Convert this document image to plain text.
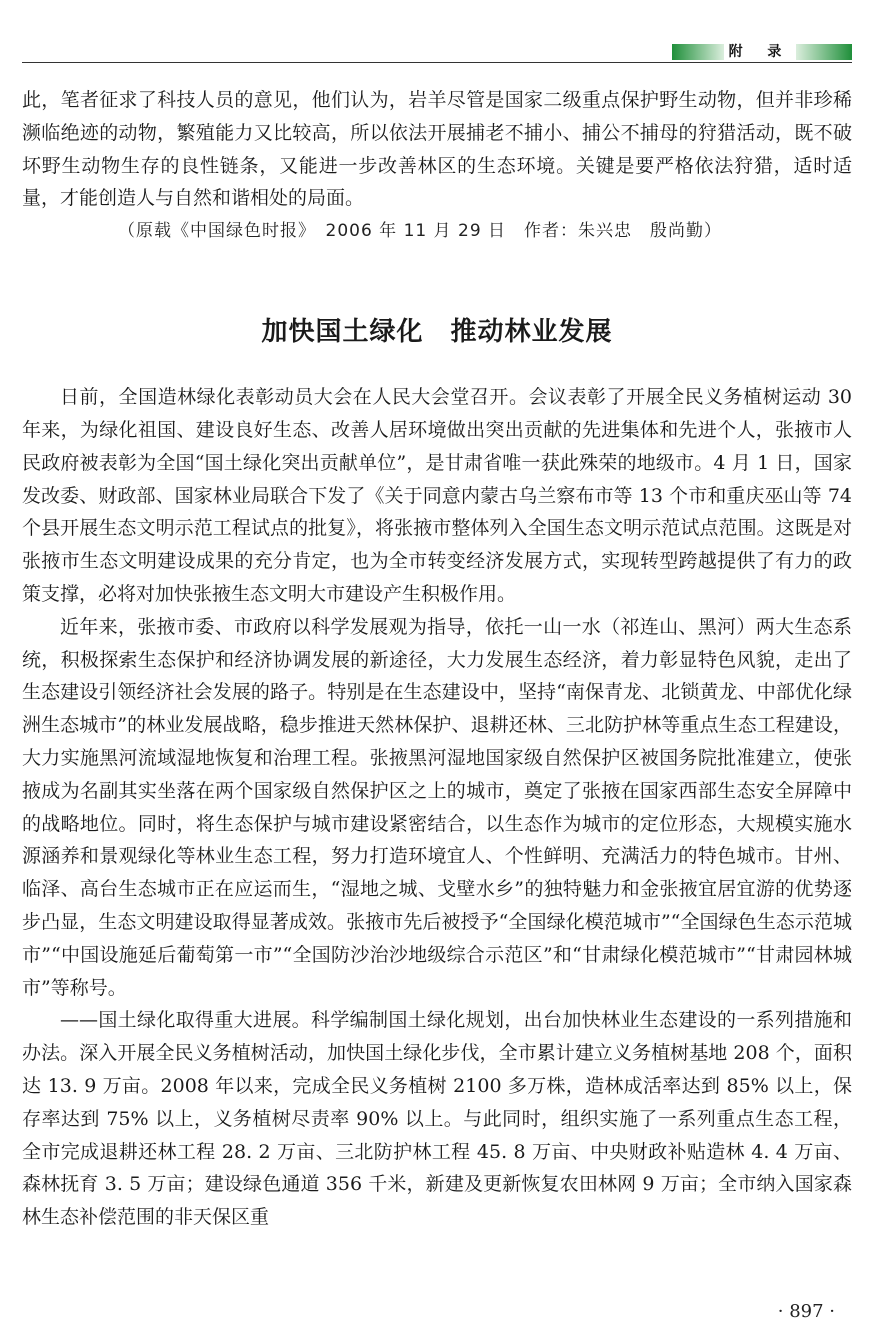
附 录

此，笔者征求了科技人员的意见，他们认为，岩羊尽管是国家二级重点保护野生动物，但并非珍稀濒临绝迹的动物，繁殖能力又比较高，所以依法开展捕老不捕小、捕公不捕母的狩猎活动，既不破坏野生动物生存的良性链条，又能进一步改善林区的生态环境。关键是要严格依法狩猎，适时适量，才能创造人与自然和谐相处的局面。

（原载《中国绿色时报》　2006 年 11 月 29 日　作者：朱兴忠　殷尚勤）

加快国土绿化　推动林业发展

日前，全国造林绿化表彰动员大会在人民大会堂召开。会议表彰了开展全民义务植树运动 30 年来，为绿化祖国、建设良好生态、改善人居环境做出突出贡献的先进集体和先进个人，张掖市人民政府被表彰为全国“国土绿化突出贡献单位”，是甘肃省唯一获此殊荣的地级市。4 月 1 日，国家发改委、财政部、国家林业局联合下发了《关于同意内蒙古乌兰察布市等 13 个市和重庆巫山等 74 个县开展生态文明示范工程试点的批复》，将张掖市整体列入全国生态文明示范试点范围。这既是对张掖市生态文明建设成果的充分肯定，也为全市转变经济发展方式，实现转型跨越提供了有力的政策支撑，必将对加快张掖生态文明大市建设产生积极作用。

近年来，张掖市委、市政府以科学发展观为指导，依托一山一水（祁连山、黑河）两大生态系统，积极探索生态保护和经济协调发展的新途径，大力发展生态经济，着力彰显特色风貌，走出了生态建设引领经济社会发展的路子。特别是在生态建设中，坚持“南保青龙、北锁黄龙、中部优化绿洲生态城市”的林业发展战略，稳步推进天然林保护、退耕还林、三北防护林等重点生态工程建设，大力实施黑河流域湿地恢复和治理工程。张掖黑河湿地国家级自然保护区被国务院批准建立，使张掖成为名副其实坐落在两个国家级自然保护区之上的城市，奠定了张掖在国家西部生态安全屏障中的战略地位。同时，将生态保护与城市建设紧密结合，以生态作为城市的定位形态，大规模实施水源涵养和景观绿化等林业生态工程，努力打造环境宜人、个性鲜明、充满活力的特色城市。甘州、临泽、高台生态城市正在应运而生，“湿地之城、戈壁水乡”的独特魅力和金张掖宜居宜游的优势逐步凸显，生态文明建设取得显著成效。张掖市先后被授予“全国绿化模范城市”“全国绿色生态示范城市”“中国设施延后葡萄第一市”“全国防沙治沙地级综合示范区”和“甘肃绿化模范城市”“甘肃园林城市”等称号。

——国土绿化取得重大进展。科学编制国土绿化规划，出台加快林业生态建设的一系列措施和办法。深入开展全民义务植树活动，加快国土绿化步伐，全市累计建立义务植树基地 208 个，面积达 13. 9 万亩。2008 年以来，完成全民义务植树 2100 多万株，造林成活率达到 85% 以上，保存率达到 75% 以上，义务植树尽责率 90% 以上。与此同时，组织实施了一系列重点生态工程，全市完成退耕还林工程 28. 2 万亩、三北防护林工程 45. 8 万亩、中央财政补贴造林 4. 4 万亩、森林抚育 3. 5 万亩；建设绿色通道 356 千米，新建及更新恢复农田林网 9 万亩；全市纳入国家森林生态补偿范围的非天保区重

· 897 ·
